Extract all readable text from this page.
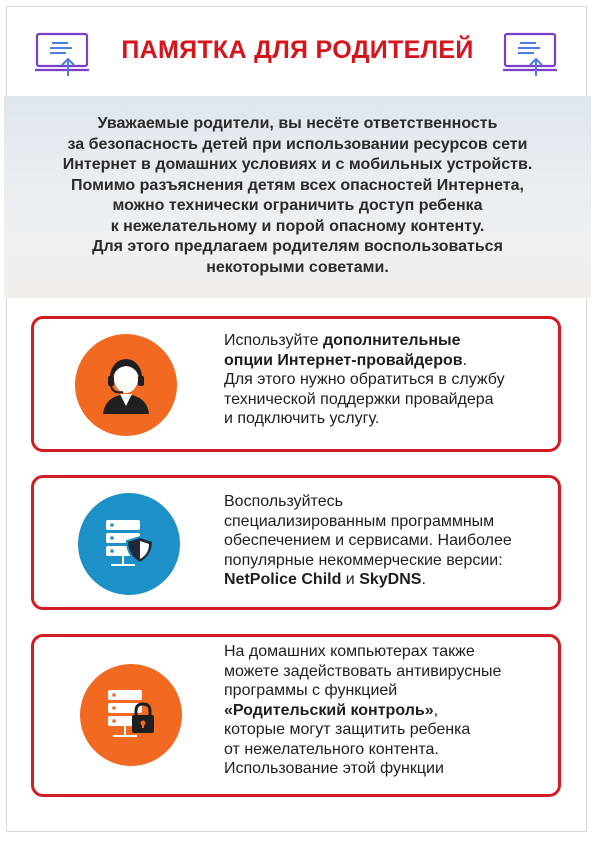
ПАМЯТКА ДЛЯ РОДИТЕЛЕЙ
Уважаемые родители, вы несёте ответственность
за безопасность детей при использовании ресурсов сети
Интернет в домашних условиях и с мобильных устройств.
Помимо разъяснения детям всех опасностей Интернета,
можно технически ограничить доступ ребенка
к нежелательному и порой опасному контенту.
Для этого предлагаем родителям воспользоваться
некоторыми советами.
Используйте дополнительные
опции Интернет-провайдеров.
Для этого нужно обратиться в службу
технической поддержки провайдера
и подключить услугу.
Воспользуйтесь
специализированным программным
обеспечением и сервисами. Наиболее
популярные некоммерческие версии:
NetPolice Child и SkyDNS.
На домашних компьютерах также
можете задействовать антивирусные
программы с функцией
«Родительский контроль»,
которые могут защитить ребенка
от нежелательного контента.
Использование этой функции
